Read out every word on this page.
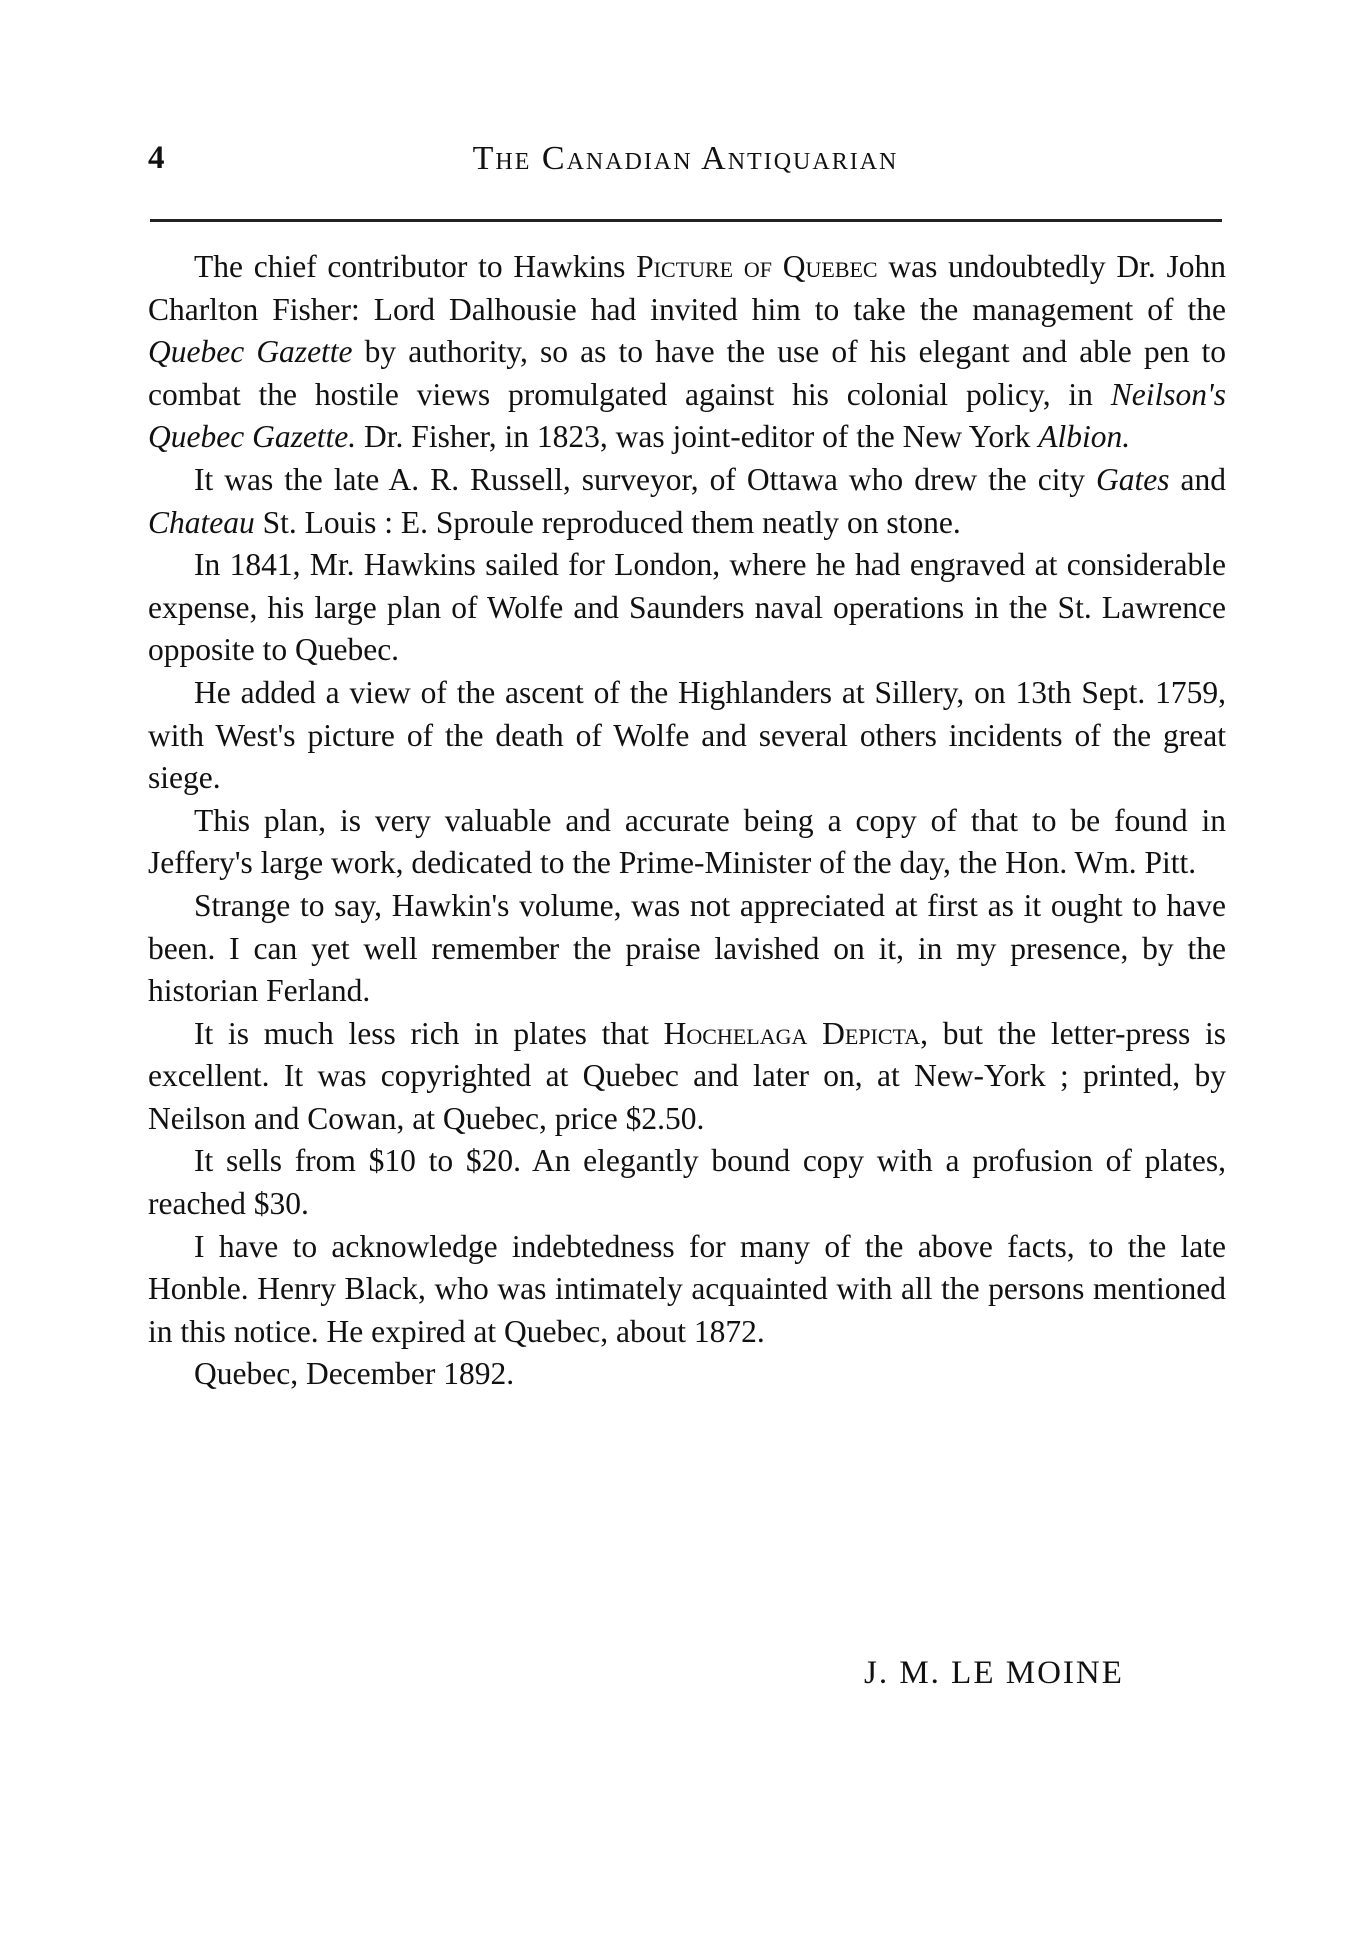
4	The Canadian Antiquarian

The chief contributor to Hawkins Picture of Quebec was undoubtedly Dr. John Charlton Fisher: Lord Dalhousie had invited him to take the management of the Quebec Gazette by authority, so as to have the use of his elegant and able pen to combat the hostile views promulgated against his colonial policy, in Neilson's Quebec Gazette. Dr. Fisher, in 1823, was joint-editor of the New York Albion.

It was the late A. R. Russell, surveyor, of Ottawa who drew the city Gates and Chateau St. Louis : E. Sproule reproduced them neatly on stone.

In 1841, Mr. Hawkins sailed for London, where he had engraved at considerable expense, his large plan of Wolfe and Saunders naval operations in the St. Lawrence opposite to Quebec.

He added a view of the ascent of the Highlanders at Sillery, on 13th Sept. 1759, with West's picture of the death of Wolfe and several others incidents of the great siege.

This plan, is very valuable and accurate being a copy of that to be found in Jeffery's large work, dedicated to the Prime-Minister of the day, the Hon. Wm. Pitt.

Strange to say, Hawkin's volume, was not appreciated at first as it ought to have been. I can yet well remember the praise lavished on it, in my presence, by the historian Ferland.

It is much less rich in plates that Hochelaga Depicta, but the letter-press is excellent. It was copyrighted at Quebec and later on, at New-York ; printed, by Neilson and Cowan, at Quebec, price $2.50.

It sells from $10 to $20. An elegantly bound copy with a profusion of plates, reached $30.

I have to acknowledge indebtedness for many of the above facts, to the late Honble. Henry Black, who was intimately acquainted with all the persons mentioned in this notice. He expired at Quebec, about 1872.

Quebec, December 1892.

J. M. LE MOINE
